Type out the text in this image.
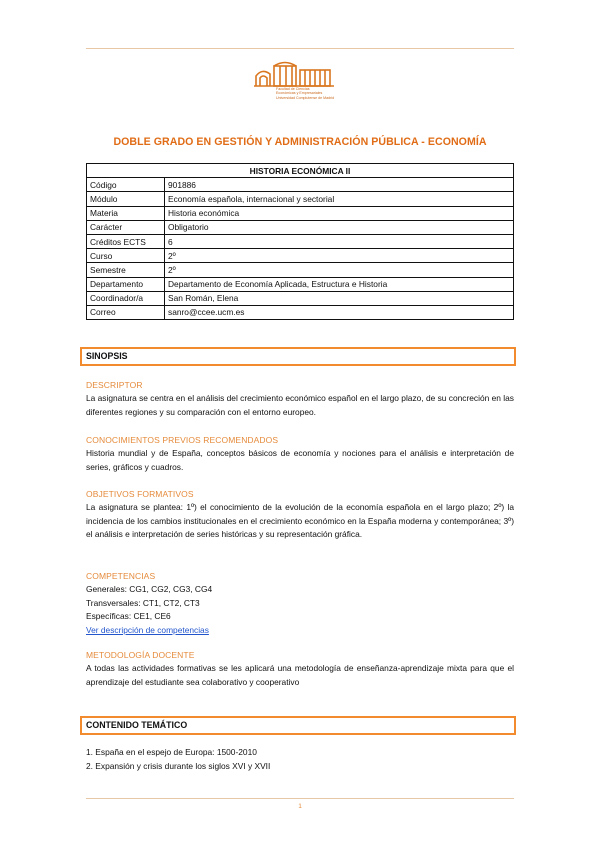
Facultad de Ciencias
Económicas y Empresariales
Universidad Complutense de Madrid
DOBLE GRADO EN GESTIÓN Y ADMINISTRACIÓN PÚBLICA - ECONOMÍA
HISTORIA ECONÓMICA II	
Código	901886
Módulo	Economía española, internacional y sectorial
Materia	Historia económica
Carácter	Obligatorio
Créditos ECTS	6
Curso	2º
Semestre	2º
Departamento	Departamento de Economía Aplicada, Estructura e Historia
Coordinador/a	San Román, Elena
Correo	sanro@ccee.ucm.es
SINOPSIS
DESCRIPTOR
La asignatura se centra en el análisis del crecimiento económico español en el largo plazo, de su concreción en las diferentes regiones y su comparación con el entorno europeo.
CONOCIMIENTOS PREVIOS RECOMENDADOS
Historia mundial y de España, conceptos básicos de economía y nociones para el análisis e interpretación de series, gráficos y cuadros.
OBJETIVOS FORMATIVOS
La asignatura se plantea: 1º) el conocimiento de la evolución de la economía española en el largo plazo; 2º) la incidencia de los cambios institucionales en el crecimiento económico en la España moderna y contemporánea; 3º) el análisis e interpretación de series históricas y su representación gráfica.
COMPETENCIAS
Generales: CG1, CG2, CG3, CG4
Transversales: CT1, CT2, CT3
Específicas: CE1, CE6
Ver descripción de competencias
METODOLOGÍA DOCENTE
A todas las actividades formativas se les aplicará una metodología de enseñanza-aprendizaje mixta para que el aprendizaje del estudiante sea colaborativo y cooperativo
CONTENIDO TEMÁTICO
1. España en el espejo de Europa: 1500-2010
2. Expansión y crisis durante los siglos XVI y XVII
1
